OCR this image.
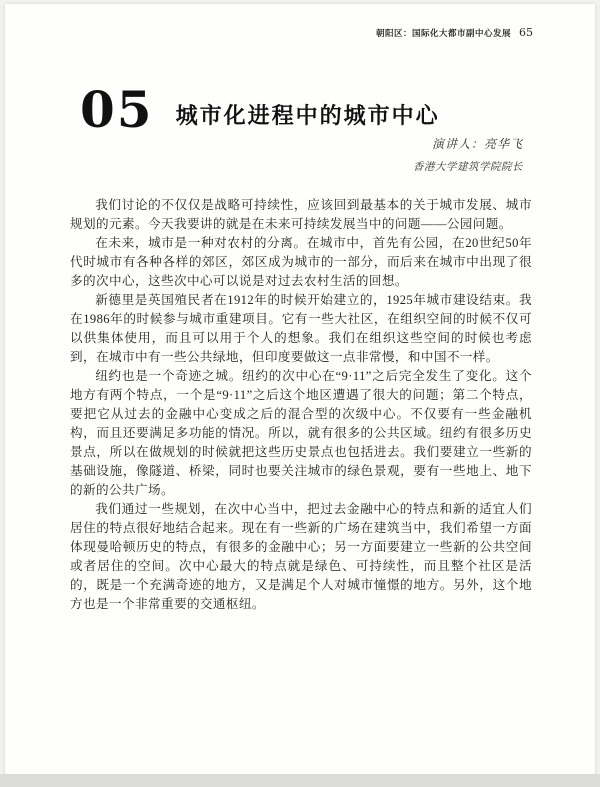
朝阳区：国际化大都市副中心发展 65
05 城市化进程中的城市中心
演讲人：亮华飞
香港大学建筑学院院长

我们讨论的不仅仅是战略可持续性，应该回到最基本的关于城市发展、城市规划的元素。今天我要讲的就是在未来可持续发展当中的问题——公园问题。

在未来，城市是一种对农村的分离。在城市中，首先有公园，在20世纪50年代时城市有各种各样的郊区，郊区成为城市的一部分，而后来在城市中出现了很多的次中心，这些次中心可以说是对过去农村生活的回想。

新德里是英国殖民者在1912年的时候开始建立的，1925年城市建设结束。我在1986年的时候参与城市重建项目。它有一些大社区，在组织空间的时候不仅可以供集体使用，而且可以用于个人的想象。我们在组织这些空间的时候也考虑到，在城市中有一些公共绿地，但印度要做这一点非常慢，和中国不一样。

纽约也是一个奇迹之城。纽约的次中心在“9·11”之后完全发生了变化。这个地方有两个特点，一个是“9·11”之后这个地区遭遇了很大的问题；第二个特点，要把它从过去的金融中心变成之后的混合型的次级中心。不仅要有一些金融机构，而且还要满足多功能的情况。所以，就有很多的公共区域。纽约有很多历史景点，所以在做规划的时候就把这些历史景点也包括进去。我们要建立一些新的基础设施，像隧道、桥梁，同时也要关注城市的绿色景观，要有一些地上、地下的新的公共广场。

我们通过一些规划，在次中心当中，把过去金融中心的特点和新的适宜人们居住的特点很好地结合起来。现在有一些新的广场在建筑当中，我们希望一方面体现曼哈顿历史的特点，有很多的金融中心；另一方面要建立一些新的公共空间或者居住的空间。次中心最大的特点就是绿色、可持续性，而且整个社区是活的，既是一个充满奇迹的地方，又是满足个人对城市憧憬的地方。另外，这个地方也是一个非常重要的交通枢纽。
